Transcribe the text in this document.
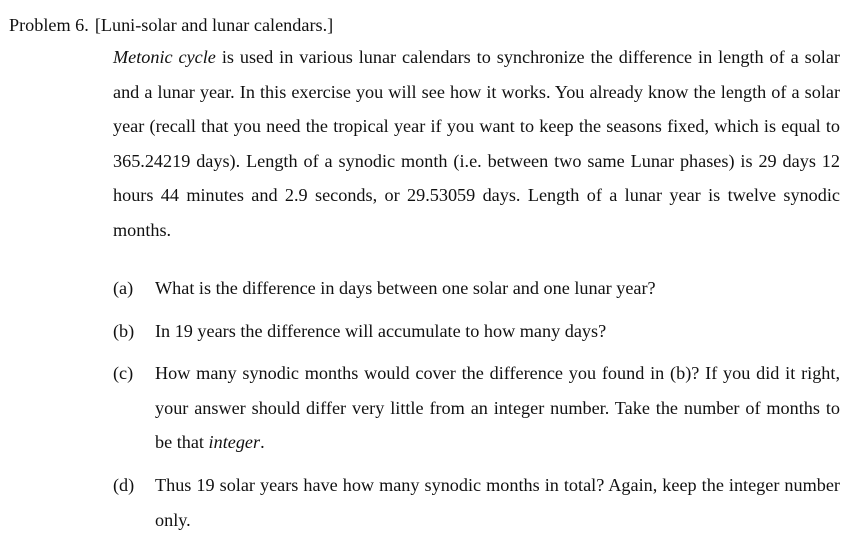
Problem 6. [Luni-solar and lunar calendars.]
Metonic cycle is used in various lunar calendars to synchronize the difference in length of a solar and a lunar year. In this exercise you will see how it works. You already know the length of a solar year (recall that you need the tropical year if you want to keep the seasons fixed, which is equal to 365.24219 days). Length of a synodic month (i.e. between two same Lunar phases) is 29 days 12 hours 44 minutes and 2.9 seconds, or 29.53059 days. Length of a lunar year is twelve synodic months.
(a) What is the difference in days between one solar and one lunar year?
(b) In 19 years the difference will accumulate to how many days?
(c) How many synodic months would cover the difference you found in (b)? If you did it right, your answer should differ very little from an integer number. Take the number of months to be that integer.
(d) Thus 19 solar years have how many synodic months in total? Again, keep the integer number only.
